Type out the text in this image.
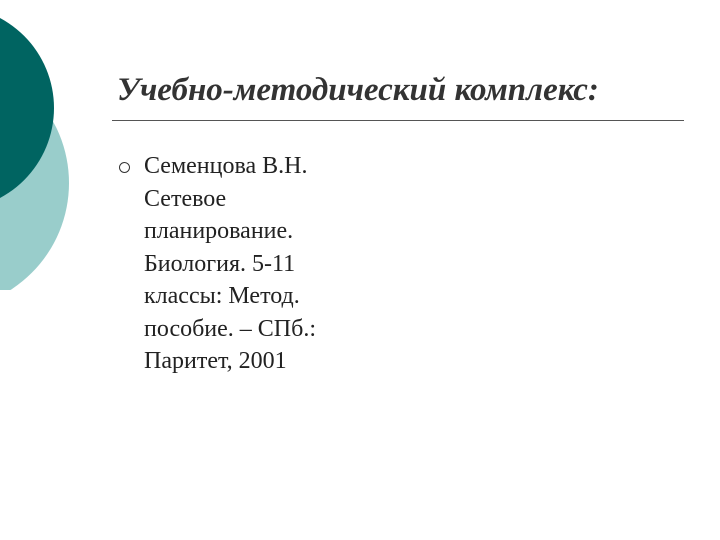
Учебно-методический комплекс:
Семенцова В.Н.
Сетевое
планирование.
Биология. 5-11
классы: Метод.
пособие. – СПб.:
Паритет, 2001
